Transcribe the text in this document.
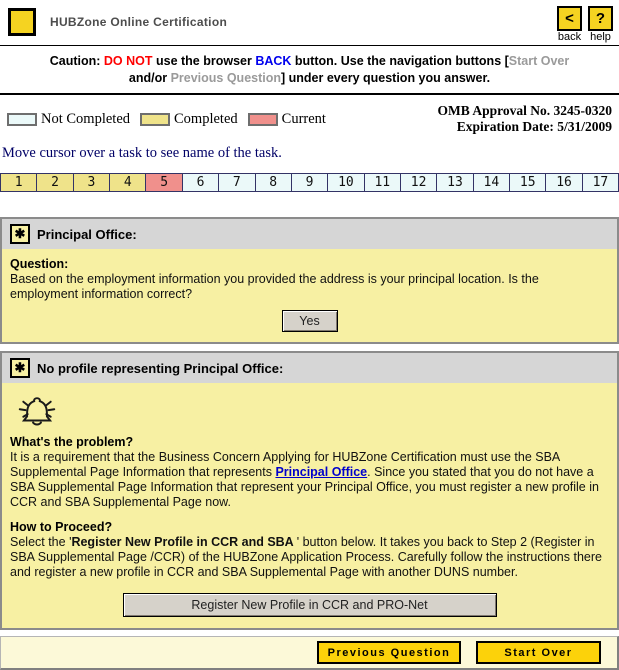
HUBZone Online Certification	<
back
?
help
Caution: DO NOT use the browser BACK button. Use the navigation buttons [Start Over
and/or Previous Question] under every question you answer.
Not Completed	Completed	Current	OMB Approval No. 3245-0320
Expiration Date: 5/31/2009
Move cursor over a task to see name of the task.
1	2	3	4	5	6	7	8	9	10	11	12	13	14	15	16	17
✱ Principal Office:
Question:
Based on the employment information you provided the address is your principal location. Is the employment information correct?
Yes
✱ No profile representing Principal Office:
What's the problem?
It is a requirement that the Business Concern Applying for HUBZone Certification must use the SBA Supplemental Page Information that represents Principal Office. Since you stated that you do not have a SBA Supplemental Page Information that represent your Principal Office, you must register a new profile in CCR and SBA Supplemental Page now.
How to Proceed?
Select the 'Register New Profile in CCR and SBA ' button below. It takes you back to Step 2 (Register in SBA Supplemental Page /CCR) of the HUBZone Application Process. Carefully follow the instructions there and register a new profile in CCR and SBA Supplemental Page with another DUNS number.
Register New Profile in CCR and PRO-Net
Previous Question	Start Over
